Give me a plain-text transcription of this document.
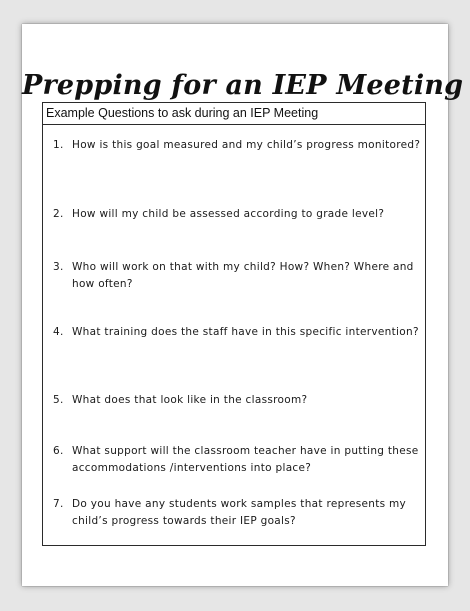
Prepping for an IEP Meeting
Example Questions to ask during an IEP Meeting
1. How is this goal measured and my child’s progress monitored?
2. How will my child be assessed according to grade level?
3. Who will work on that with my child? How? When? Where and how often?
4. What training does the staff have in this specific intervention?
5. What does that look like in the classroom?
6. What support will the classroom teacher have in putting these accommodations /interventions into place?
7. Do you have any students work samples that represents my child’s progress towards their IEP goals?
